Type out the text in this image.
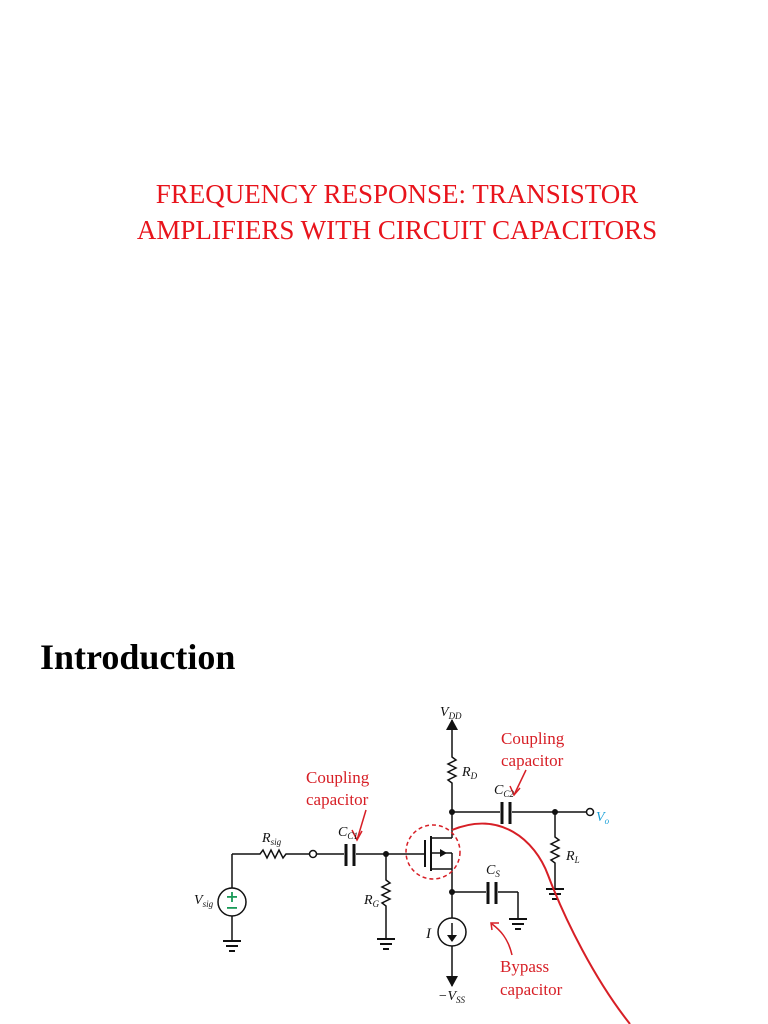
FREQUENCY RESPONSE: TRANSISTOR
AMPLIFIERS WITH CIRCUIT CAPACITORS
Introduction
$V_{DD}$
$R_D$
$C_{C2}$
$V_o$
$R_L$
$R_{sig}$
$C_{C1}$
$V_{sig}$	$R_G$
$C_S$
I
$-V_{SS}$
Coupling
capacitor
Coupling
capacitor
Bypass
capacitor
